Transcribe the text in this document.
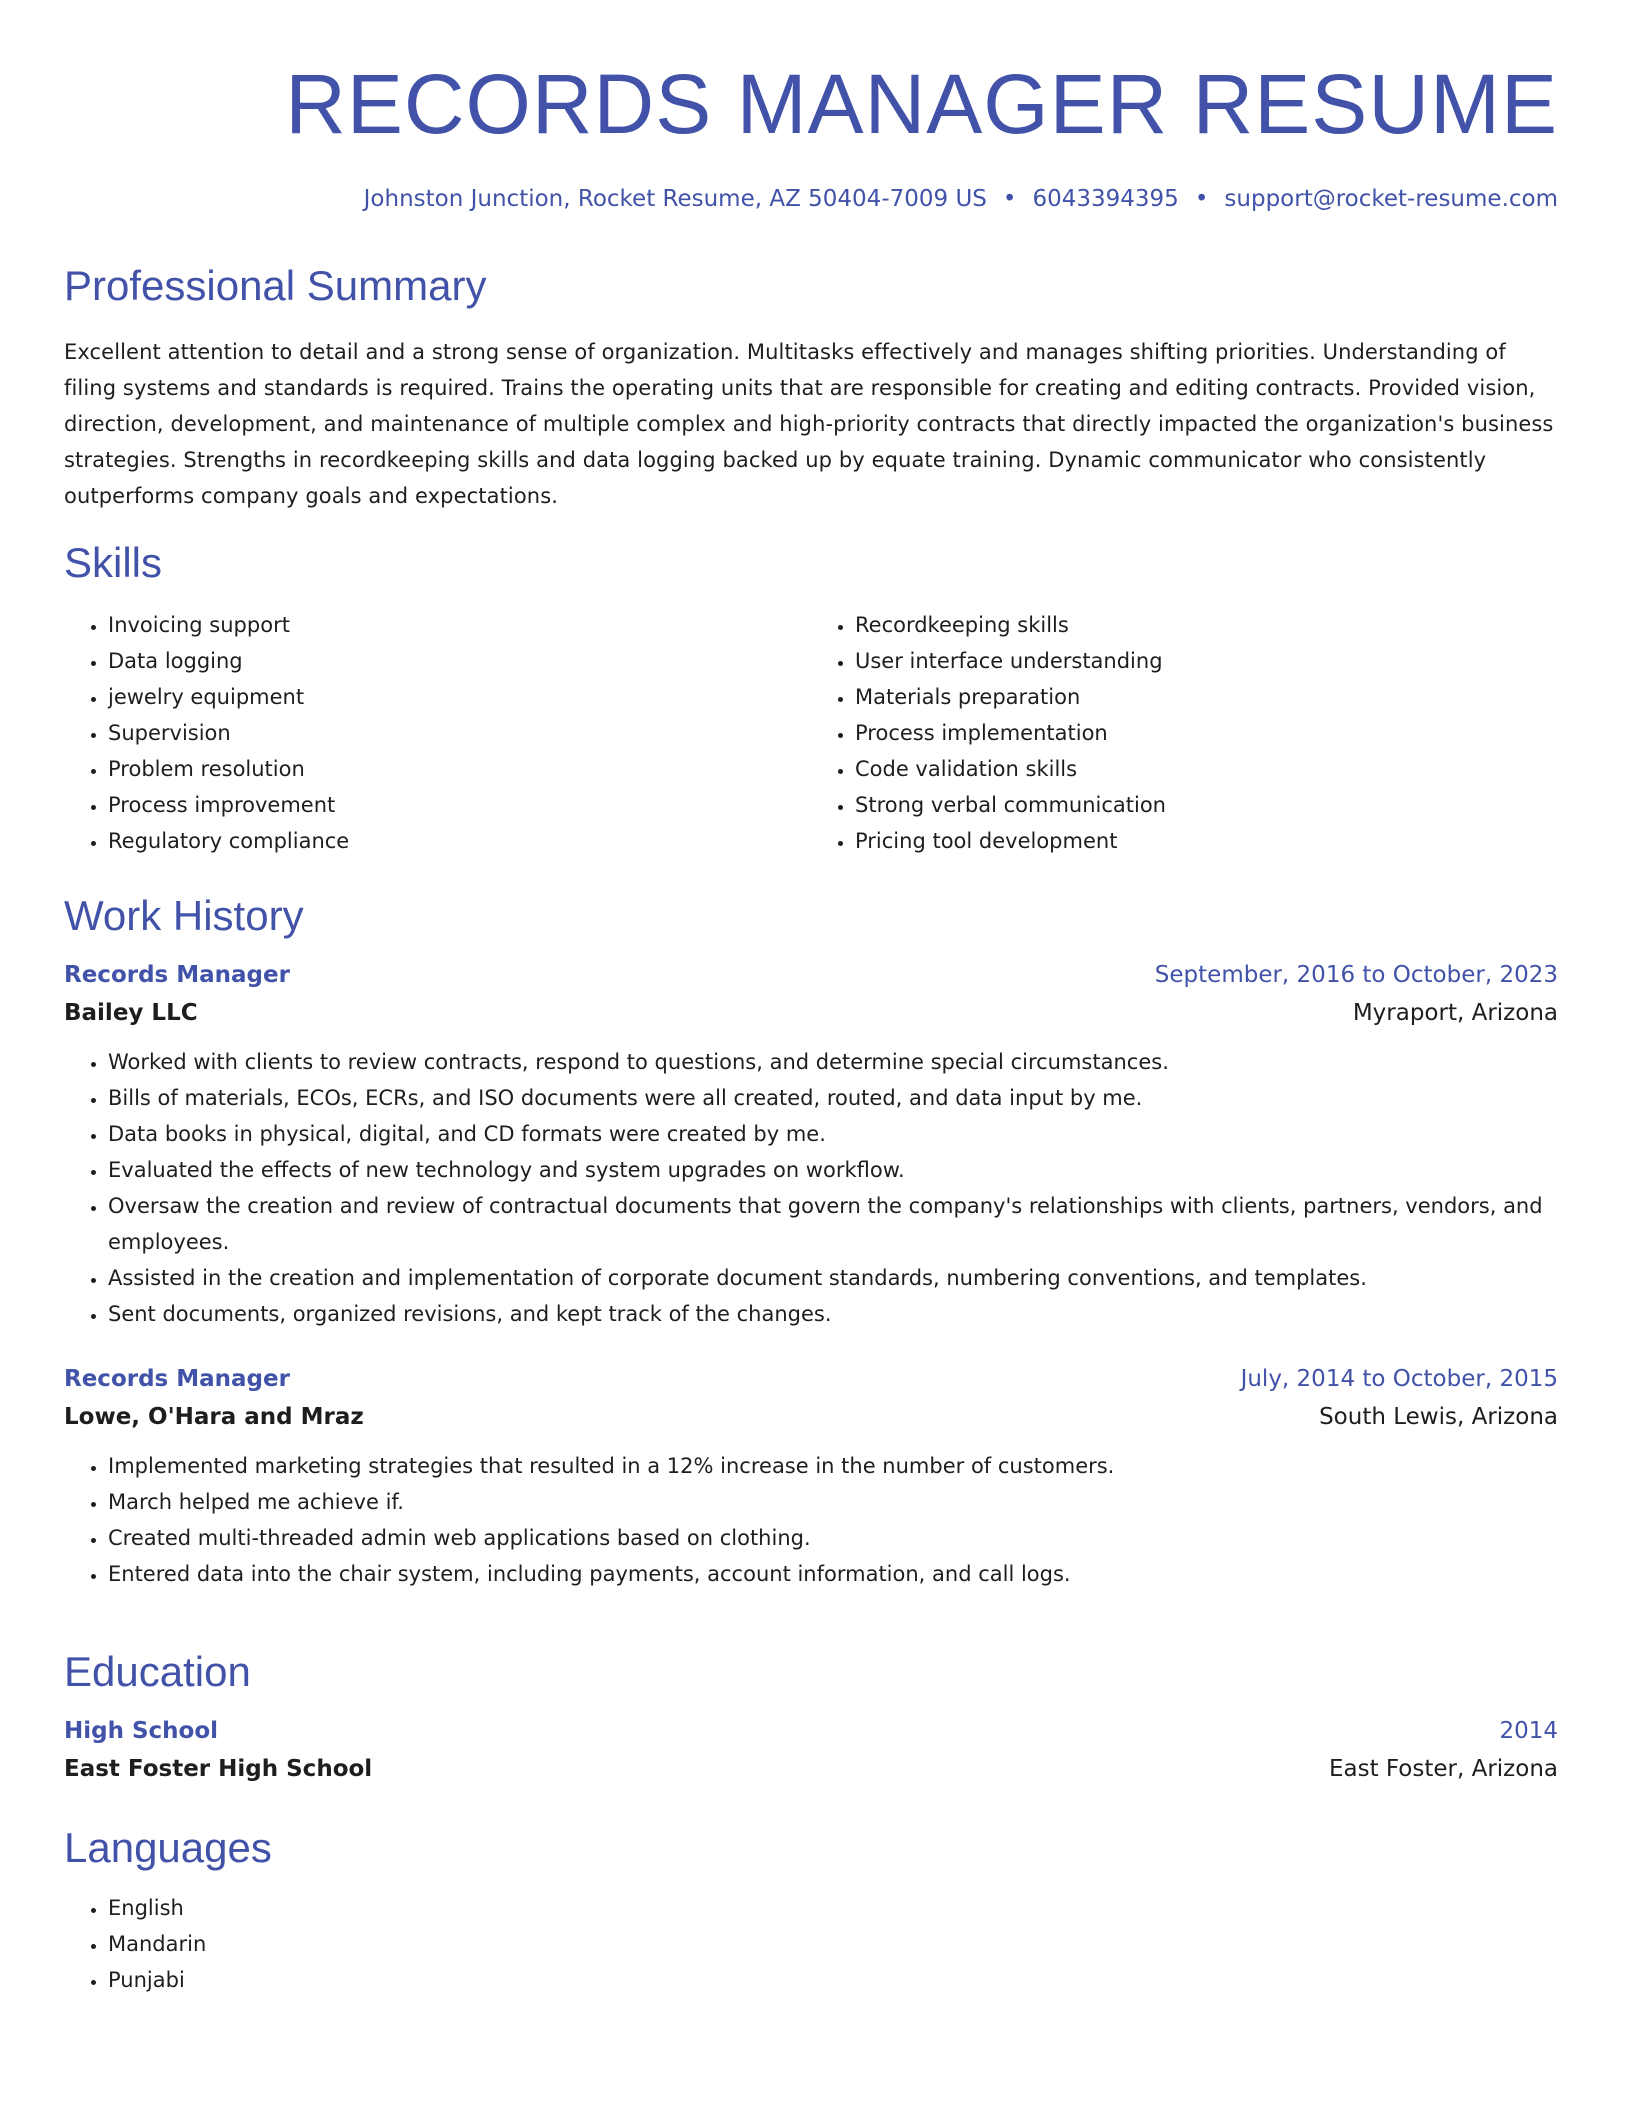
RECORDS MANAGER RESUME
Johnston Junction, Rocket Resume, AZ 50404-7009 US • 6043394395 • support@rocket-resume.com
Professional Summary

Excellent attention to detail and a strong sense of organization. Multitasks effectively and manages shifting priorities. Understanding of filing systems and standards is required. Trains the operating units that are responsible for creating and editing contracts. Provided vision, direction, development, and maintenance of multiple complex and high-priority contracts that directly impacted the organization's business strategies. Strengths in recordkeeping skills and data logging backed up by equate training. Dynamic communicator who consistently outperforms company goals and expectations.

Skills
• Invoicing support
• Data logging
• jewelry equipment
• Supervision
• Problem resolution
• Process improvement
• Regulatory compliance
• Recordkeeping skills
• User interface understanding
• Materials preparation
• Process implementation
• Code validation skills
• Strong verbal communication
• Pricing tool development
Work History
Records Manager	September, 2016 to October, 2023
Bailey LLC	Myraport, Arizona
• Worked with clients to review contracts, respond to questions, and determine special circumstances.
• Bills of materials, ECOs, ECRs, and ISO documents were all created, routed, and data input by me.
• Data books in physical, digital, and CD formats were created by me.
• Evaluated the effects of new technology and system upgrades on workflow.
• Oversaw the creation and review of contractual documents that govern the company's relationships with clients, partners, vendors, and employees.
• Assisted in the creation and implementation of corporate document standards, numbering conventions, and templates.
• Sent documents, organized revisions, and kept track of the changes.
Records Manager	July, 2014 to October, 2015
Lowe, O'Hara and Mraz	South Lewis, Arizona
• Implemented marketing strategies that resulted in a 12% increase in the number of customers.
• March helped me achieve if.
• Created multi-threaded admin web applications based on clothing.
• Entered data into the chair system, including payments, account information, and call logs.
Education
High School	2014
East Foster High School	East Foster, Arizona
Languages
• English
• Mandarin
• Punjabi
